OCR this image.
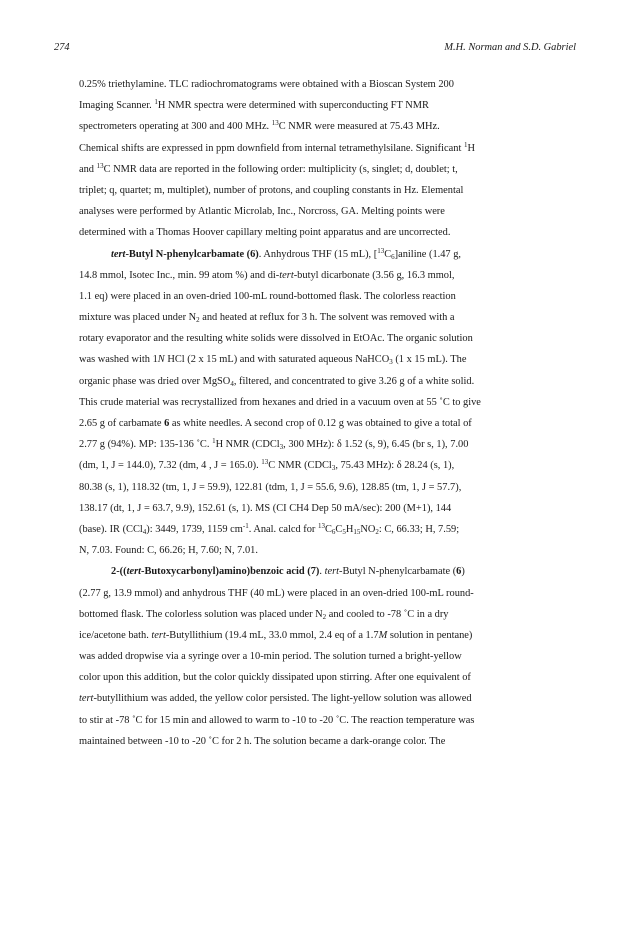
274	M.H. Norman and S.D. Gabriel
0.25% triethylamine. TLC radiochromatograms were obtained with a Bioscan System 200
Imaging Scanner. $^1$H NMR spectra were determined with superconducting FT NMR
spectrometers operating at 300 and 400 MHz. $^{13}$C NMR were measured at 75.43 MHz.
Chemical shifts are expressed in ppm downfield from internal tetramethylsilane. Significant $^1$H
and $^{13}$C NMR data are reported in the following order: multiplicity (s, singlet; d, doublet; t,
triplet; q, quartet; m, multiplet), number of protons, and coupling constants in Hz. Elemental
analyses were performed by Atlantic Microlab, Inc., Norcross, GA. Melting points were
determined with a Thomas Hoover capillary melting point apparatus and are uncorrected.
tert-Butyl N-phenylcarbamate (6). Anhydrous THF (15 mL), $[^{13}C_6]aniline$ (1.47 g,
14.8 mmol, Isotec Inc., min. 99 atom %) and di-tert-butyl dicarbonate (3.56 g, 16.3 mmol,
1.1 eq) were placed in an oven-dried 100-mL round-bottomed flask. The colorless reaction
mixture was placed under $N_2$ and heated at reflux for 3 h. The solvent was removed with a
rotary evaporator and the resulting white solids were dissolved in EtOAc. The organic solution
was washed with 1N HCl (2 x 15 mL) and with saturated aqueous NaHCO$_3$ (1 x 15 mL). The
organic phase was dried over MgSO$_4$, filtered, and concentrated to give 3.26 g of a white solid.
This crude material was recrystallized from hexanes and dried in a vacuum oven at 55 ˚C to give
2.65 g of carbamate 6 as white needles. A second crop of 0.12 g was obtained to give a total of
2.77 g (94%). MP: 135-136 ˚C. $^1$H NMR (CDCl$_3$, 300 MHz): δ 1.52 (s, 9), 6.45 (br s, 1), 7.00
(dm, 1, J = 144.0), 7.32 (dm, 4 , J = 165.0). $^{13}$C NMR (CDCl$_3$, 75.43 MHz): δ 28.24 (s, 1),
80.38 (s, 1), 118.32 (tm, 1, J = 59.9), 122.81 (tdm, 1, J = 55.6, 9.6), 128.85 (tm, 1, J = 57.7),
138.17 (dt, 1, J = 63.7, 9.9), 152.61 (s, 1). MS (CI CH4 Dep 50 mA/sec): 200 (M+1), 144
(base). IR (CCl$_4$): 3449, 1739, 1159 $cm^{-1}$. Anal. calcd for $^{13}C_6C_5H_{15}NO_2$: C, 66.33; H, 7.59;
N, 7.03. Found: C, 66.26; H, 7.60; N, 7.01.
2-((tert-Butoxycarbonyl)amino)benzoic acid (7). tert-Butyl N-phenylcarbamate (6)
(2.77 g, 13.9 mmol) and anhydrous THF (40 mL) were placed in an oven-dried 100-mL round-
bottomed flask. The colorless solution was placed under $N_2$ and cooled to -78 ˚C in a dry
ice/acetone bath. tert-Butyllithium (19.4 mL, 33.0 mmol, 2.4 eq of a 1.7M solution in pentane)
was added dropwise via a syringe over a 10-min period. The solution turned a bright-yellow
color upon this addition, but the color quickly dissipated upon stirring. After one equivalent of
tert-butyllithium was added, the yellow color persisted. The light-yellow solution was allowed
to stir at -78 ˚C for 15 min and allowed to warm to -10 to -20 ˚C. The reaction temperature was
maintained between -10 to -20 ˚C for 2 h. The solution became a dark-orange color. The
